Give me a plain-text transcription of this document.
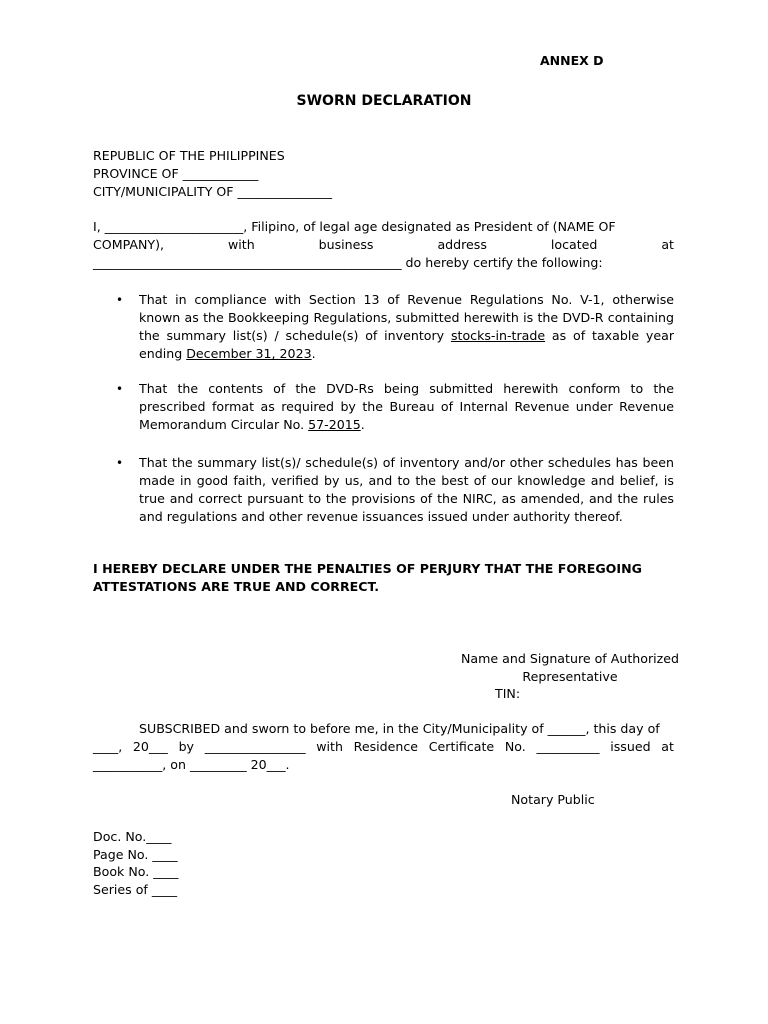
ANNEX D
SWORN DECLARATION
REPUBLIC OF THE PHILIPPINES
PROVINCE OF ____________
CITY/MUNICIPALITY OF _______________
I, ______________________, Filipino, of legal age designated as President of (NAME OF
COMPANY),	with	business	address	located	at
_________________________________________________ do hereby certify the following:
• That in compliance with Section 13 of Revenue Regulations No. V-1, otherwise known as the Bookkeeping Regulations, submitted herewith is the DVD-R containing the summary list(s) / schedule(s) of inventory stocks-in-trade as of taxable year ending December 31, 2023.
• That the contents of the DVD-Rs being submitted herewith conform to the prescribed format as required by the Bureau of Internal Revenue under Revenue Memorandum Circular No. 57-2015.
• That the summary list(s)/ schedule(s) of inventory and/or other schedules has been made in good faith, verified by us, and to the best of our knowledge and belief, is true and correct pursuant to the provisions of the NIRC, as amended, and the rules and regulations and other revenue issuances issued under authority thereof.
I HEREBY DECLARE UNDER THE PENALTIES OF PERJURY THAT THE FOREGOING ATTESTATIONS ARE TRUE AND CORRECT.
Name and Signature of Authorized
Representative
TIN:
SUBSCRIBED and sworn to before me, in the City/Municipality of ______, this day of
____, 20___ by ________________ with Residence Certificate No. __________ issued at
___________, on _________ 20___.
Notary Public
Doc. No.____
Page No. ____
Book No. ____
Series of ____
